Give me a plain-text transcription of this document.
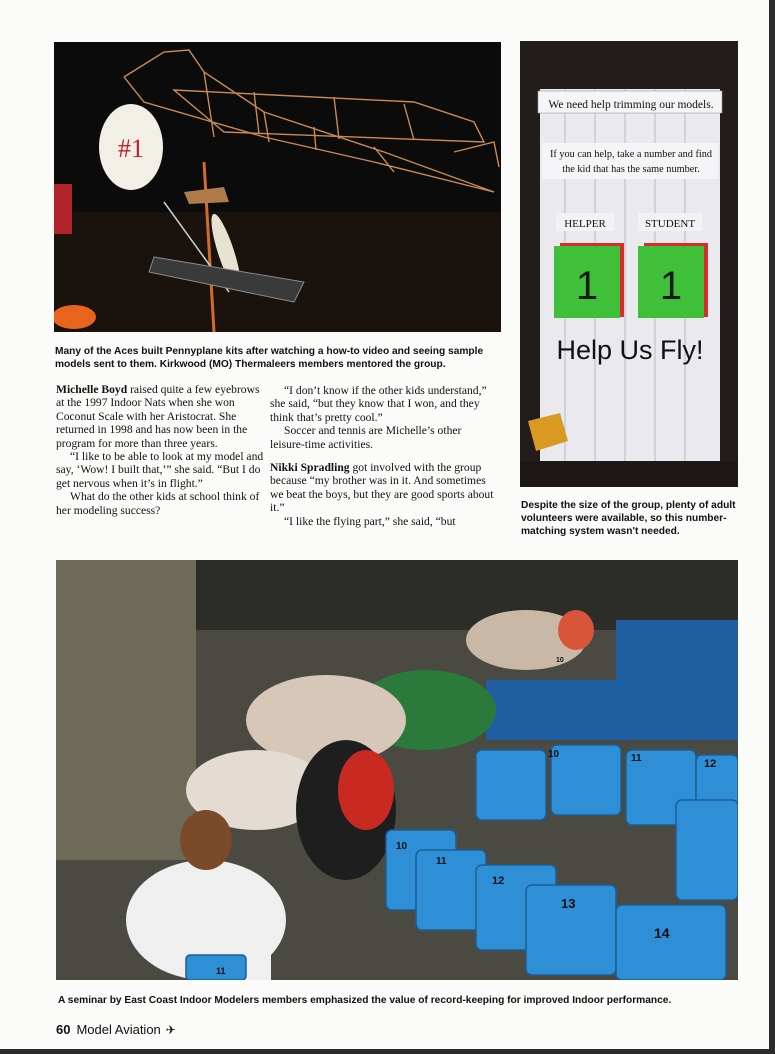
#1
We need help trimming our models.
If you can help, take a number and find
the kid that has the same number.
HELPER	STUDENT
1 1
Help Us Fly!
Many of the Aces built Pennyplane kits after watching a how-to video and seeing sample models sent to them. Kirkwood (MO) Thermaleers members mentored the group.

Michelle Boyd raised quite a few eyebrows at the 1997 Indoor Nats when she won Coconut Scale with her Aristocrat. She returned in 1998 and has now been in the program for more than three years.

“I like to be able to look at my model and say, ‘Wow! I built that,’” she said. “But I do get nervous when it’s in flight.”

What do the other kids at school think of her modeling success?

“I don’t know if the other kids understand,” she said, “but they know that I won, and they think that’s pretty cool.”

Soccer and tennis are Michelle’s other leisure-time activities.

Nikki Spradling got involved with the group because “my brother was in it. And sometimes we beat the boys, but they are good sports about it.”

“I like the flying part,” she said, “but

Despite the size of the group, plenty of adult volunteers were available, so this number-matching system wasn't needed.
10	11	12
10
11
12
13
14
11
10
A seminar by East Coast Indoor Modelers members emphasized the value of record-keeping for improved Indoor performance.
60 Model Aviation ✈
